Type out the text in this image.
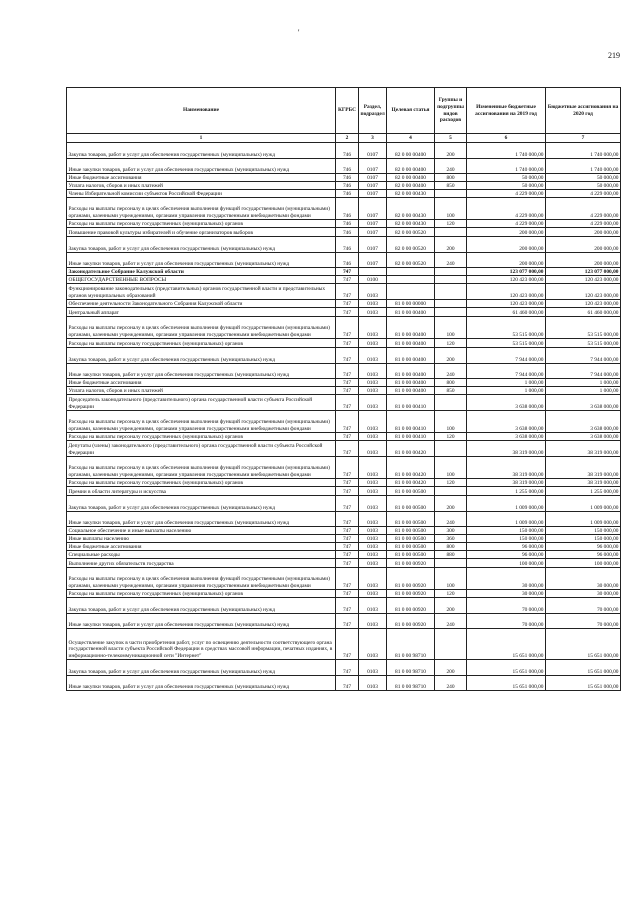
'
219
Наименование	КГРБС	Раздел, подраздел	Целевая статья	Группы и подгруппы видов расходов	Измененные бюджетные ассигнования на 2019 год	Бюджетные ассигнования на 2020 год
1	2	3	4	5	6	7
Закупка товаров, работ и услуг для обеспечения государственных (муниципальных) нужд	746	0107	82 0 00 00400	200	1 740 000,00	1 740 000,00
Иные закупки товаров, работ и услуг для обеспечения государственных (муниципальных) нужд	746	0107	82 0 00 00400	240	1 740 000,00	1 740 000,00
Иные бюджетные ассигнования	746	0107	82 0 00 00400	800	50 000,00	50 000,00
Уплата налогов, сборов и иных платежей	746	0107	82 0 00 00400	850	50 000,00	50 000,00
Члены Избирательной комиссии субъектов Российской Федерации	746	0107	82 0 00 00430		4 229 000,00	4 229 000,00
Расходы на выплаты персоналу в целях обеспечения выполнения функций государственными (муниципальными) органами, казенными учреждениями, органами управления государственными внебюджетными фондами	746	0107	82 0 00 00430	100	4 229 000,00	4 229 000,00
Расходы на выплаты персоналу государственных (муниципальных) органов	746	0107	82 0 00 00430	120	4 229 000,00	4 229 000,00
Повышение правовой культуры избирателей и обучение организаторов выборов	746	0107	82 0 00 00520		200 000,00	200 000,00
Закупка товаров, работ и услуг для обеспечения государственных (муниципальных) нужд	746	0107	82 0 00 00520	200	200 000,00	200 000,00
Иные закупки товаров, работ и услуг для обеспечения государственных (муниципальных) нужд	746	0107	82 0 00 00520	240	200 000,00	200 000,00
Законодательное Собрание Калужской области	747				123 077 000,00	123 077 000,00
ОБЩЕГОСУДАРСТВЕННЫЕ ВОПРОСЫ	747	0100			120 423 000,00	120 423 000,00
Функционирование законодательных (представительных) органов государственной власти и представительных органов муниципальных образований	747	0103			120 423 000,00	120 423 000,00
Обеспечение деятельности Законодательного Собрания Калужской области	747	0103	81 0 00 00000		120 423 000,00	120 423 000,00
Центральный аппарат	747	0103	81 0 00 00400		61 460 000,00	61 460 000,00
Расходы на выплаты персоналу в целях обеспечения выполнения функций государственными (муниципальными) органами, казенными учреждениями, органами управления государственными внебюджетными фондами	747	0103	81 0 00 00400	100	53 515 000,00	53 515 000,00
Расходы на выплаты персоналу государственных (муниципальных) органов	747	0103	81 0 00 00400	120	53 515 000,00	53 515 000,00
Закупка товаров, работ и услуг для обеспечения государственных (муниципальных) нужд	747	0103	81 0 00 00400	200	7 944 000,00	7 944 000,00
Иные закупки товаров, работ и услуг для обеспечения государственных (муниципальных) нужд	747	0103	81 0 00 00400	240	7 944 000,00	7 944 000,00
Иные бюджетные ассигнования	747	0103	81 0 00 00400	800	1 000,00	1 000,00
Уплата налогов, сборов и иных платежей	747	0103	81 0 00 00400	850	1 000,00	1 000,00
Председатель законодательного (представительного) органа государственной власти субъекта Российской Федерации	747	0103	81 0 00 00410		3 638 000,00	3 638 000,00
Расходы на выплаты персоналу в целях обеспечения выполнения функций государственными (муниципальными) органами, казенными учреждениями, органами управления государственными внебюджетными фондами	747	0103	81 0 00 00410	100	3 638 000,00	3 638 000,00
Расходы на выплаты персоналу государственных (муниципальных) органов	747	0103	81 0 00 00410	120	3 638 000,00	3 638 000,00
Депутаты (члены) законодательного (представительного) органа государственной власти субъекта Российской Федерации	747	0103	81 0 00 00420		38 319 000,00	38 319 000,00
Расходы на выплаты персоналу в целях обеспечения выполнения функций государственными (муниципальными) органами, казенными учреждениями, органами управления государственными внебюджетными фондами	747	0103	81 0 00 00420	100	38 319 000,00	38 319 000,00
Расходы на выплаты персоналу государственных (муниципальных) органов	747	0103	81 0 00 00420	120	38 319 000,00	38 319 000,00
Премии в области литературы и искусства	747	0103	81 0 00 00500		1 255 000,00	1 255 000,00
Закупка товаров, работ и услуг для обеспечения государственных (муниципальных) нужд	747	0103	81 0 00 00500	200	1 009 000,00	1 009 000,00
Иные закупки товаров, работ и услуг для обеспечения государственных (муниципальных) нужд	747	0103	81 0 00 00500	240	1 009 000,00	1 009 000,00
Социальное обеспечение и иные выплаты населению	747	0103	81 0 00 00500	300	150 000,00	150 000,00
Иные выплаты населению	747	0103	81 0 00 00500	360	150 000,00	150 000,00
Иные бюджетные ассигнования	747	0103	81 0 00 00500	800	96 000,00	96 000,00
Специальные расходы	747	0103	81 0 00 00500	880	96 000,00	96 000,00
Выполнение других обязательств государства	747	0103	81 0 00 00920		100 000,00	100 000,00
Расходы на выплаты персоналу в целях обеспечения выполнения функций государственными (муниципальными) органами, казенными учреждениями, органами управления государственными внебюджетными фондами	747	0103	81 0 00 00920	100	30 000,00	30 000,00
Расходы на выплаты персоналу государственных (муниципальных) органов	747	0103	81 0 00 00920	120	30 000,00	30 000,00
Закупка товаров, работ и услуг для обеспечения государственных (муниципальных) нужд	747	0103	81 0 00 00920	200	70 000,00	70 000,00
Иные закупки товаров, работ и услуг для обеспечения государственных (муниципальных) нужд	747	0103	81 0 00 00920	240	70 000,00	70 000,00
Осуществление закупок в части приобретения работ, услуг по освещению деятельности соответствующего органа государственной власти субъекта Российской Федерации в средствах массовой информации, печатных изданиях, в информационно-телекоммуникационной сети "Интернет"	747	0103	81 0 00 98710		15 651 000,00	15 651 000,00
Закупка товаров, работ и услуг для обеспечения государственных (муниципальных) нужд	747	0103	81 0 00 98710	200	15 651 000,00	15 651 000,00
Иные закупки товаров, работ и услуг для обеспечения государственных (муниципальных) нужд	747	0103	81 0 00 98710	240	15 651 000,00	15 651 000,00
